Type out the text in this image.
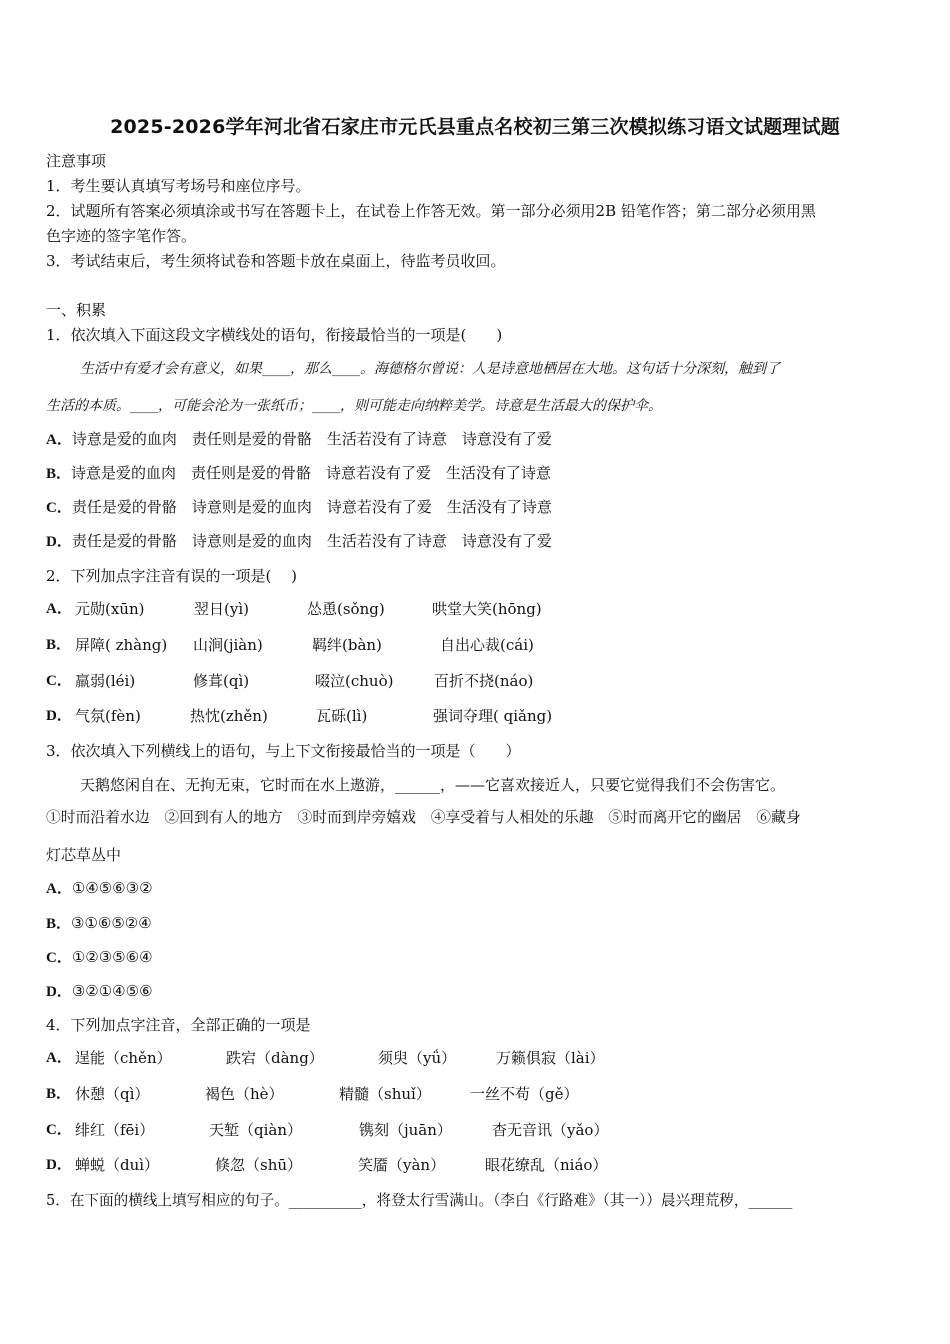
2025-2026学年河北省石家庄市元氏县重点名校初三第三次模拟练习语文试题理试题
注意事项
1．考生要认真填写考场号和座位序号。
2．试题所有答案必须填涂或书写在答题卡上，在试卷上作答无效。第一部分必须用2B 铅笔作答；第二部分必须用黑
色字迹的签字笔作答。
3．考试结束后，考生须将试卷和答题卡放在桌面上，待监考员收回。
一、积累
1．依次填入下面这段文字横线处的语句，衔接最恰当的一项是(　　)
生活中有爱才会有意义，如果____，那么____。海德格尔曾说：人是诗意地栖居在大地。这句话十分深刻，触到了
生活的本质。____，可能会沦为一张纸币；____，则可能走向纳粹美学。诗意是生活最大的保护伞。
A．诗意是爱的血肉　责任则是爱的骨骼　生活若没有了诗意　诗意没有了爱
B．诗意是爱的血肉　责任则是爱的骨骼　诗意若没有了爱　生活没有了诗意
C．责任是爱的骨骼　诗意则是爱的血肉　诗意若没有了爱　生活没有了诗意
D．责任是爱的骨骼　诗意则是爱的血肉　生活若没有了诗意　诗意没有了爱
2．下列加点字注音有误的一项是(　 )
A． 元勋(xūn)	翌日(yì)	怂恿(sǒng)	哄堂大笑(hōng)
B． 屏障( zhàng) 山涧(jiàn)	羁绊(bàn)	自出心裁(cái)
C． 羸弱(léi)	修葺(qì)	啜泣(chuò)	百折不挠(náo)
D． 气氛(fèn)	热忱(zhěn)	瓦砾(lì)	强词夺理( qiǎng)
3．依次填入下列横线上的语句，与上下文衔接最恰当的一项是（　　）
天鹅悠闲自在、无拘无束，它时而在水上遨游，______，——它喜欢接近人，只要它觉得我们不会伤害它。
①时而沿着水边　②回到有人的地方　③时而到岸旁嬉戏　④享受着与人相处的乐趣　⑤时而离开它的幽居　⑥藏身
灯芯草丛中
A．①④⑤⑥③②
B．③①⑥⑤②④
C．①②③⑤⑥④
D．③②①④⑤⑥
4．下列加点字注音，全部正确的一项是
A． 逞能（chěn）	跌宕（dàng）	须臾（yǘ）	万籁俱寂（lài）
B． 休憩（qì）	褐色（hè）	精髓（shuǐ）	一丝不苟（gě）
C． 绯红（fēi）	天堑（qiàn）	镌刻（juān）	杳无音讯（yǎo）
D． 蝉蜕（duì）	倏忽（shū）	笑靥（yàn）	眼花缭乱（niáo）
5．在下面的横线上填写相应的句子。__________，将登太行雪满山。（李白《行路难》（其一））晨兴理荒秽，______
